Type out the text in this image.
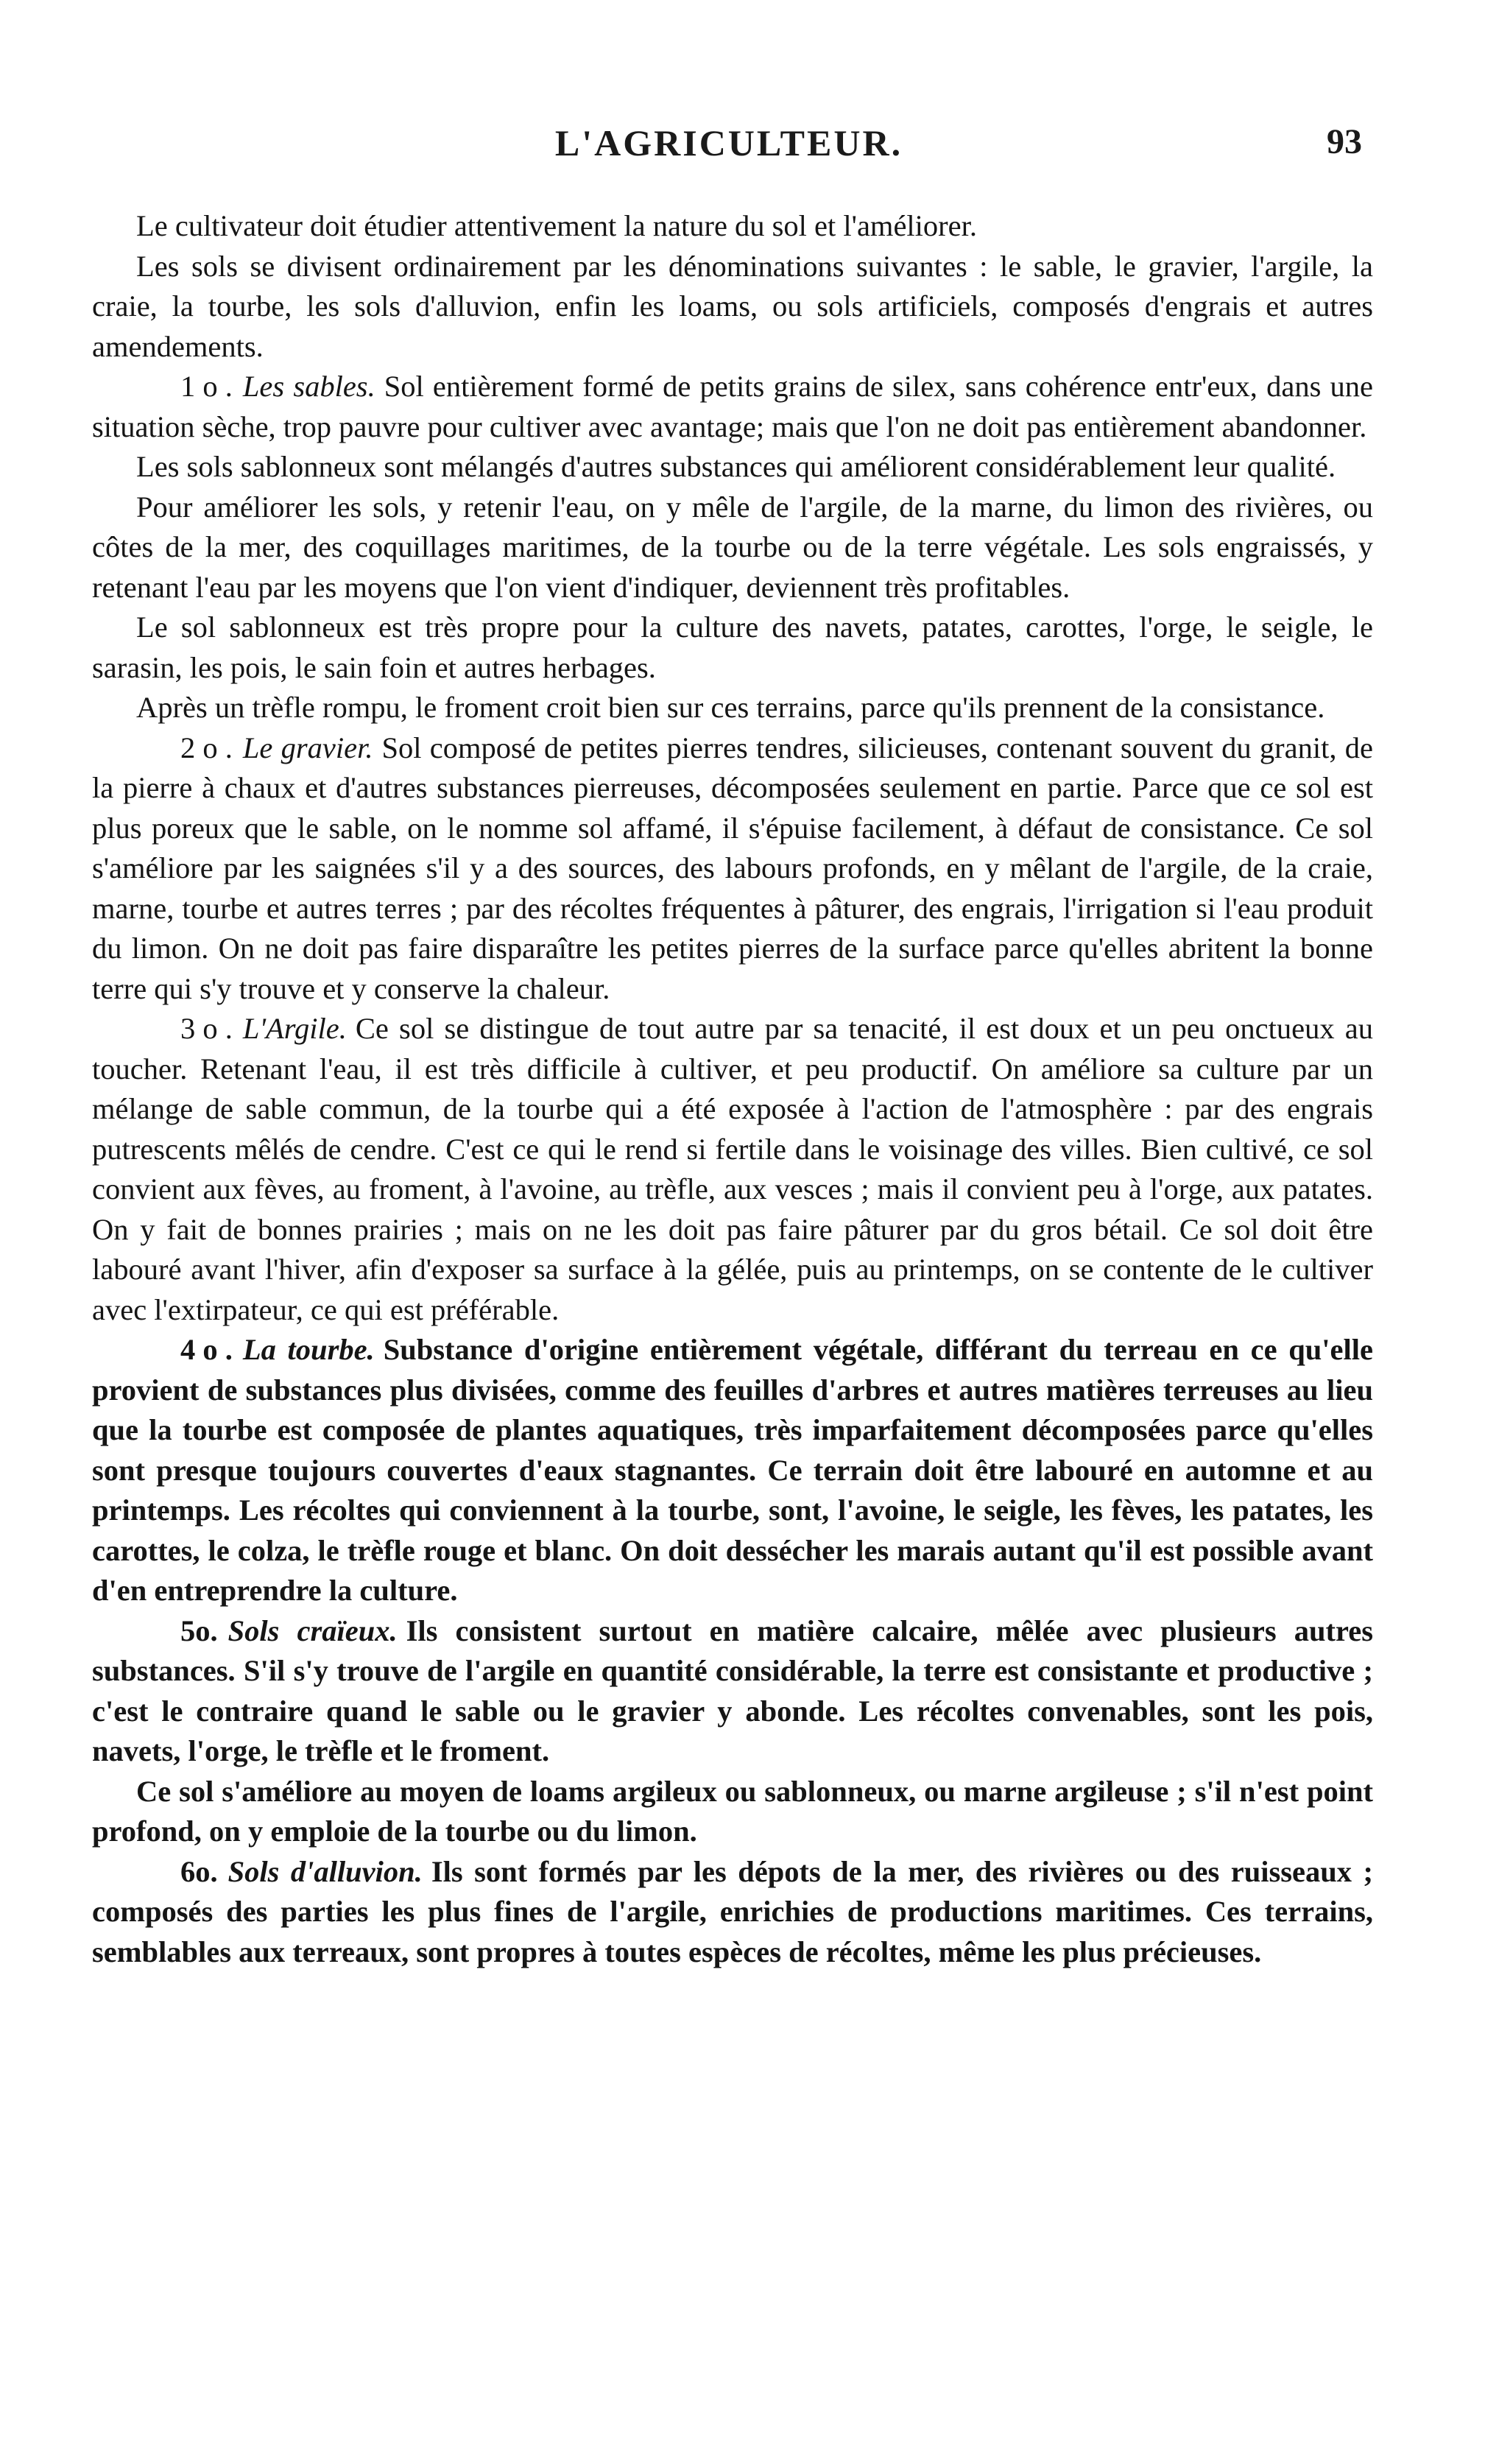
L'AGRICULTEUR.	93

Le cultivateur doit étudier attentivement la nature du sol et l'améliorer.

Les sols se divisent ordinairement par les dénominations suivantes : le sable, le gravier, l'argile, la craie, la tourbe, les sols d'alluvion, enfin les loams, ou sols artificiels, composés d'engrais et autres amendements.

1 o . Les sables. Sol entièrement formé de petits grains de silex, sans cohérence entr'eux, dans une situation sèche, trop pauvre pour cultiver avec avantage; mais que l'on ne doit pas entièrement abandonner.

Les sols sablonneux sont mélangés d'autres substances qui améliorent considérablement leur qualité.

Pour améliorer les sols, y retenir l'eau, on y mêle de l'argile, de la marne, du limon des rivières, ou côtes de la mer, des coquillages maritimes, de la tourbe ou de la terre végétale. Les sols engraissés, y retenant l'eau par les moyens que l'on vient d'indiquer, deviennent très profitables.

Le sol sablonneux est très propre pour la culture des navets, patates, carottes, l'orge, le seigle, le sarasin, les pois, le sain foin et autres herbages.

Après un trèfle rompu, le froment croit bien sur ces terrains, parce qu'ils prennent de la consistance.

2 o . Le gravier. Sol composé de petites pierres tendres, silicieuses, contenant souvent du granit, de la pierre à chaux et d'autres substances pierreuses, décomposées seulement en partie. Parce que ce sol est plus poreux que le sable, on le nomme sol affamé, il s'épuise facilement, à défaut de consistance. Ce sol s'améliore par les saignées s'il y a des sources, des labours profonds, en y mêlant de l'argile, de la craie, marne, tourbe et autres terres ; par des récoltes fréquentes à pâturer, des engrais, l'irrigation si l'eau produit du limon. On ne doit pas faire disparaître les petites pierres de la surface parce qu'elles abritent la bonne terre qui s'y trouve et y conserve la chaleur.

3 o . L'Argile. Ce sol se distingue de tout autre par sa tenacité, il est doux et un peu onctueux au toucher. Retenant l'eau, il est très difficile à cultiver, et peu productif. On améliore sa culture par un mélange de sable commun, de la tourbe qui a été exposée à l'action de l'atmosphère : par des engrais putrescents mêlés de cendre. C'est ce qui le rend si fertile dans le voisinage des villes. Bien cultivé, ce sol convient aux fèves, au froment, à l'avoine, au trèfle, aux vesces ; mais il convient peu à l'orge, aux patates. On y fait de bonnes prairies ; mais on ne les doit pas faire pâturer par du gros bétail. Ce sol doit être labouré avant l'hiver, afin d'exposer sa surface à la gélée, puis au printemps, on se contente de le cultiver avec l'extirpateur, ce qui est préférable.

4 o . La tourbe. Substance d'origine entièrement végétale, différant du terreau en ce qu'elle provient de substances plus divisées, comme des feuilles d'arbres et autres matières terreuses au lieu que la tourbe est composée de plantes aquatiques, très imparfaitement décomposées parce qu'elles sont presque toujours couvertes d'eaux stagnantes. Ce terrain doit être labouré en automne et au printemps. Les récoltes qui conviennent à la tourbe, sont, l'avoine, le seigle, les fèves, les patates, les carottes, le colza, le trèfle rouge et blanc. On doit dessécher les marais autant qu'il est possible avant d'en entreprendre la culture.

5o. Sols craïeux. Ils consistent surtout en matière calcaire, mêlée avec plusieurs autres substances. S'il s'y trouve de l'argile en quantité considérable, la terre est consistante et productive ; c'est le contraire quand le sable ou le gravier y abonde. Les récoltes convenables, sont les pois, navets, l'orge, le trèfle et le froment.

Ce sol s'améliore au moyen de loams argileux ou sablonneux, ou marne argileuse ; s'il n'est point profond, on y emploie de la tourbe ou du limon.

6o. Sols d'alluvion. Ils sont formés par les dépots de la mer, des rivières ou des ruisseaux ; composés des parties les plus fines de l'argile, enrichies de productions maritimes. Ces terrains, semblables aux terreaux, sont propres à toutes espèces de récoltes, même les plus précieuses.
